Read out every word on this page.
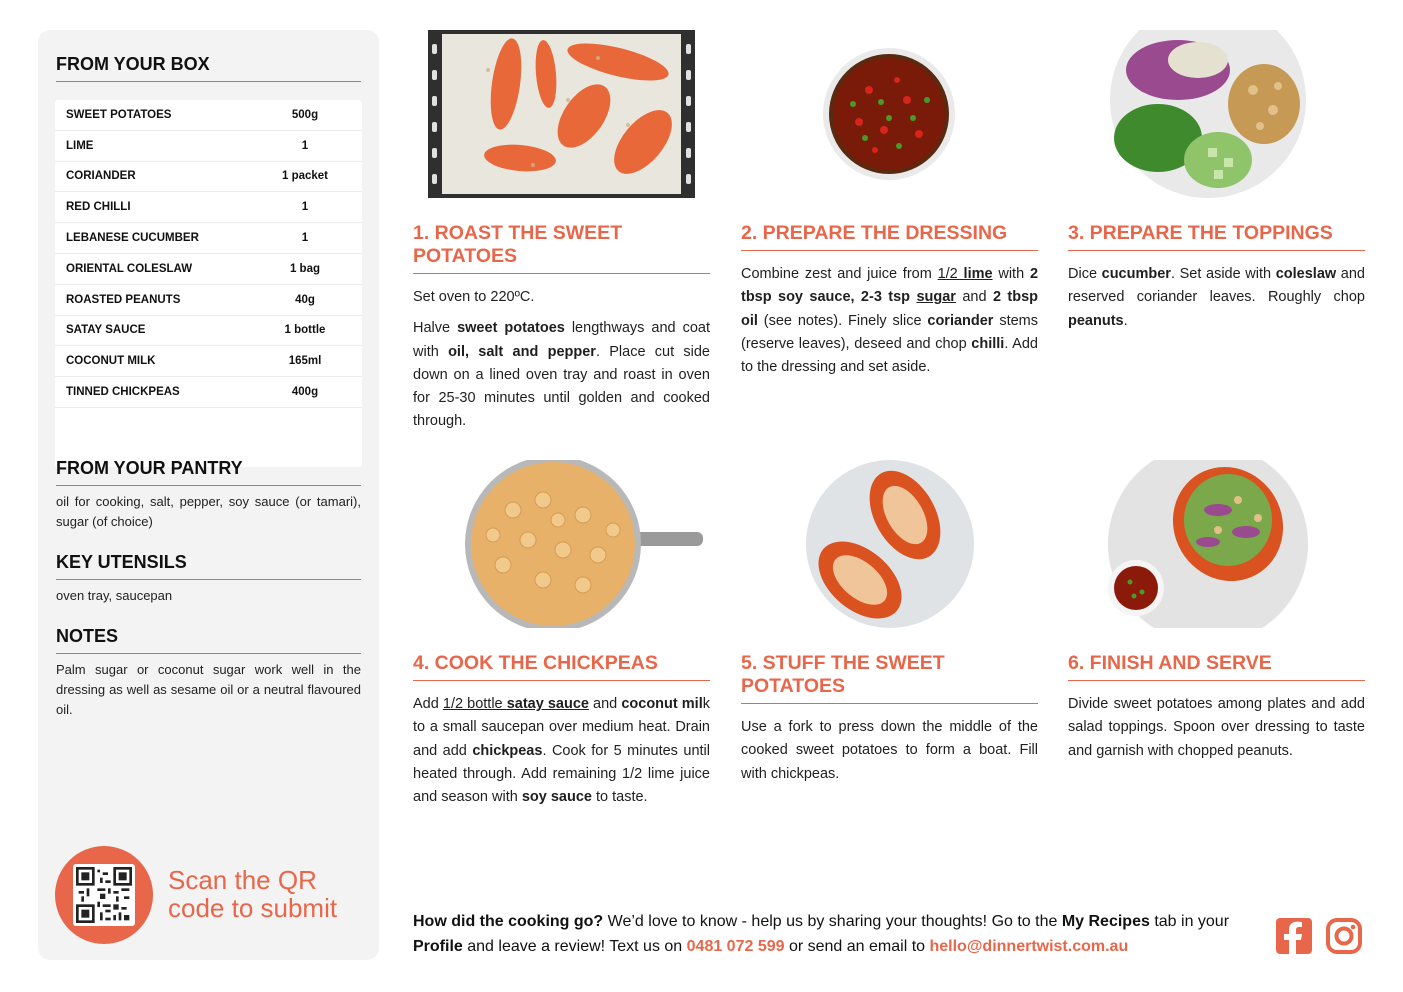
FROM YOUR BOX
SWEET POTATOES	500g
LIME	1
CORIANDER	1 packet
RED CHILLI	1
LEBANESE CUCUMBER	1
ORIENTAL COLESLAW	1 bag
ROASTED PEANUTS	40g
SATAY SAUCE	1 bottle
COCONUT MILK	165ml
TINNED CHICKPEAS	400g
FROM YOUR PANTRY
oil for cooking, salt, pepper, soy sauce (or tamari), sugar (of choice)
KEY UTENSILS
oven tray, saucepan
NOTES
Palm sugar or coconut sugar work well in the dressing as well as sesame oil or a neutral flavoured oil.
Scan the QR
code to submit
1. ROAST THE SWEET POTATOES

Set oven to 220ºC.

Halve sweet potatoes lengthways and coat with oil, salt and pepper. Place cut side down on a lined oven tray and roast in oven for 25-30 minutes until golden and cooked through.

2. PREPARE THE DRESSING

Combine zest and juice from 1/2 lime with 2 tbsp soy sauce, 2-3 tsp sugar and 2 tbsp oil (see notes). Finely slice coriander stems (reserve leaves), deseed and chop chilli. Add to the dressing and set aside.

3. PREPARE THE TOPPINGS

Dice cucumber. Set aside with coleslaw and reserved coriander leaves. Roughly chop peanuts.

4. COOK THE CHICKPEAS

Add 1/2 bottle satay sauce and coconut milk to a small saucepan over medium heat. Drain and add chickpeas. Cook for 5 minutes until heated through. Add remaining 1/2 lime juice and season with soy sauce to taste.

5. STUFF THE SWEET POTATOES

Use a fork to press down the middle of the cooked sweet potatoes to form a boat. Fill with chickpeas.

6. FINISH AND SERVE

Divide sweet potatoes among plates and add salad toppings. Spoon over dressing to taste and garnish with chopped peanuts.

How did the cooking go? We’d love to know - help us by sharing your thoughts! Go to the My Recipes tab in your Profile and leave a review! Text us on 0481 072 599 or send an email to hello@dinnertwist.com.au
